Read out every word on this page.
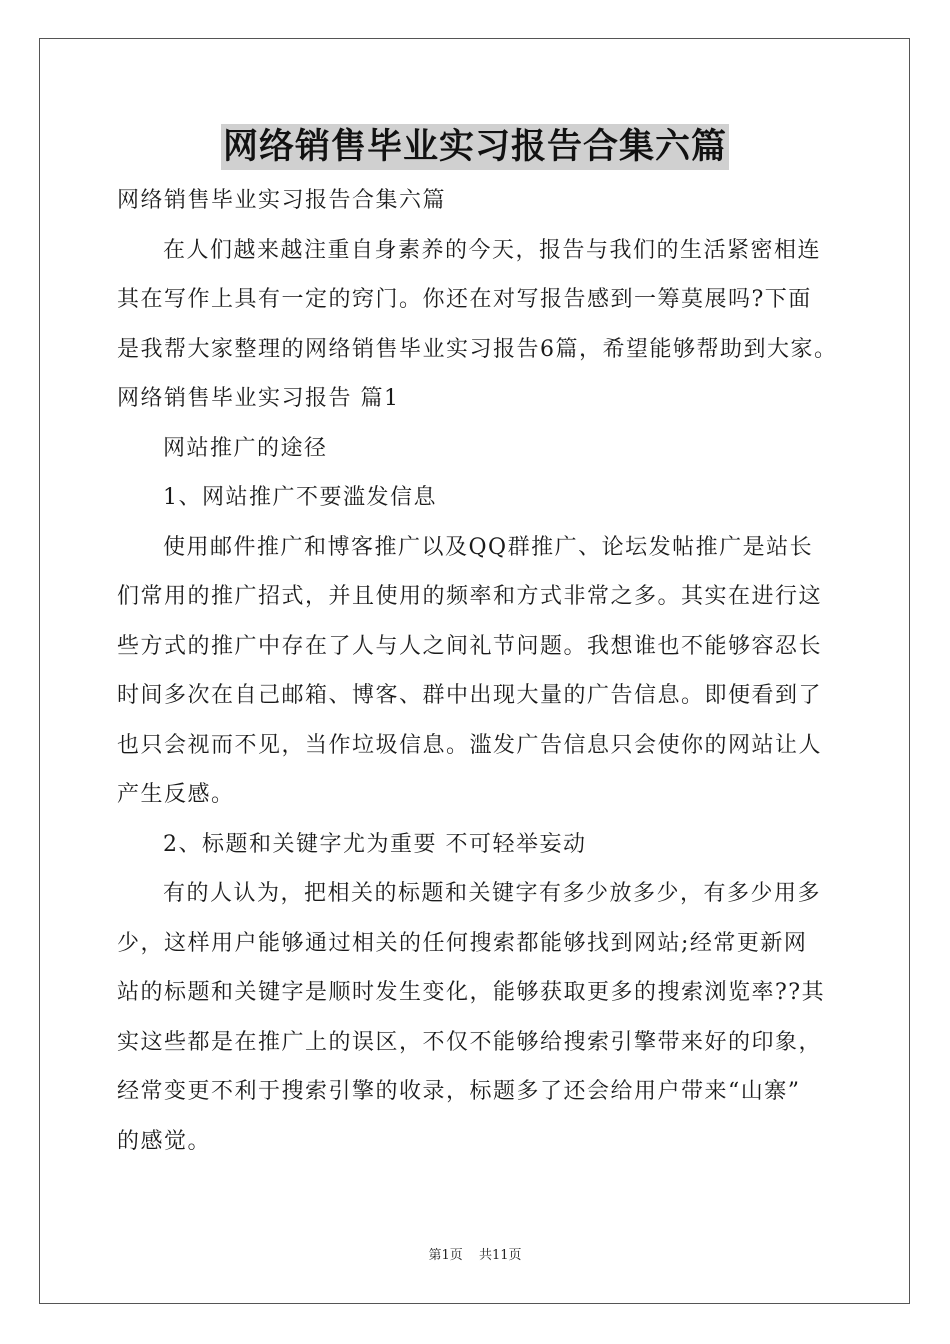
网络销售毕业实习报告合集六篇
网络销售毕业实习报告合集六篇
在人们越来越注重自身素养的今天，报告与我们的生活紧密相连
其在写作上具有一定的窍门。你还在对写报告感到一筹莫展吗?下面
是我帮大家整理的网络销售毕业实习报告6篇，希望能够帮助到大家。
网络销售毕业实习报告 篇1
网站推广的途径
1、网站推广不要滥发信息
使用邮件推广和博客推广以及QQ群推广、论坛发帖推广是站长
们常用的推广招式，并且使用的频率和方式非常之多。其实在进行这
些方式的推广中存在了人与人之间礼节问题。我想谁也不能够容忍长
时间多次在自己邮箱、博客、群中出现大量的广告信息。即便看到了
也只会视而不见，当作垃圾信息。滥发广告信息只会使你的网站让人
产生反感。
2、标题和关键字尤为重要 不可轻举妄动
有的人认为，把相关的标题和关键字有多少放多少，有多少用多
少，这样用户能够通过相关的任何搜索都能够找到网站;经常更新网
站的标题和关键字是顺时发生变化，能够获取更多的搜索浏览率??其
实这些都是在推广上的误区，不仅不能够给搜索引擎带来好的印象，
经常变更不利于搜索引擎的收录，标题多了还会给用户带来“山寨”
的感觉。
第1页 共11页
